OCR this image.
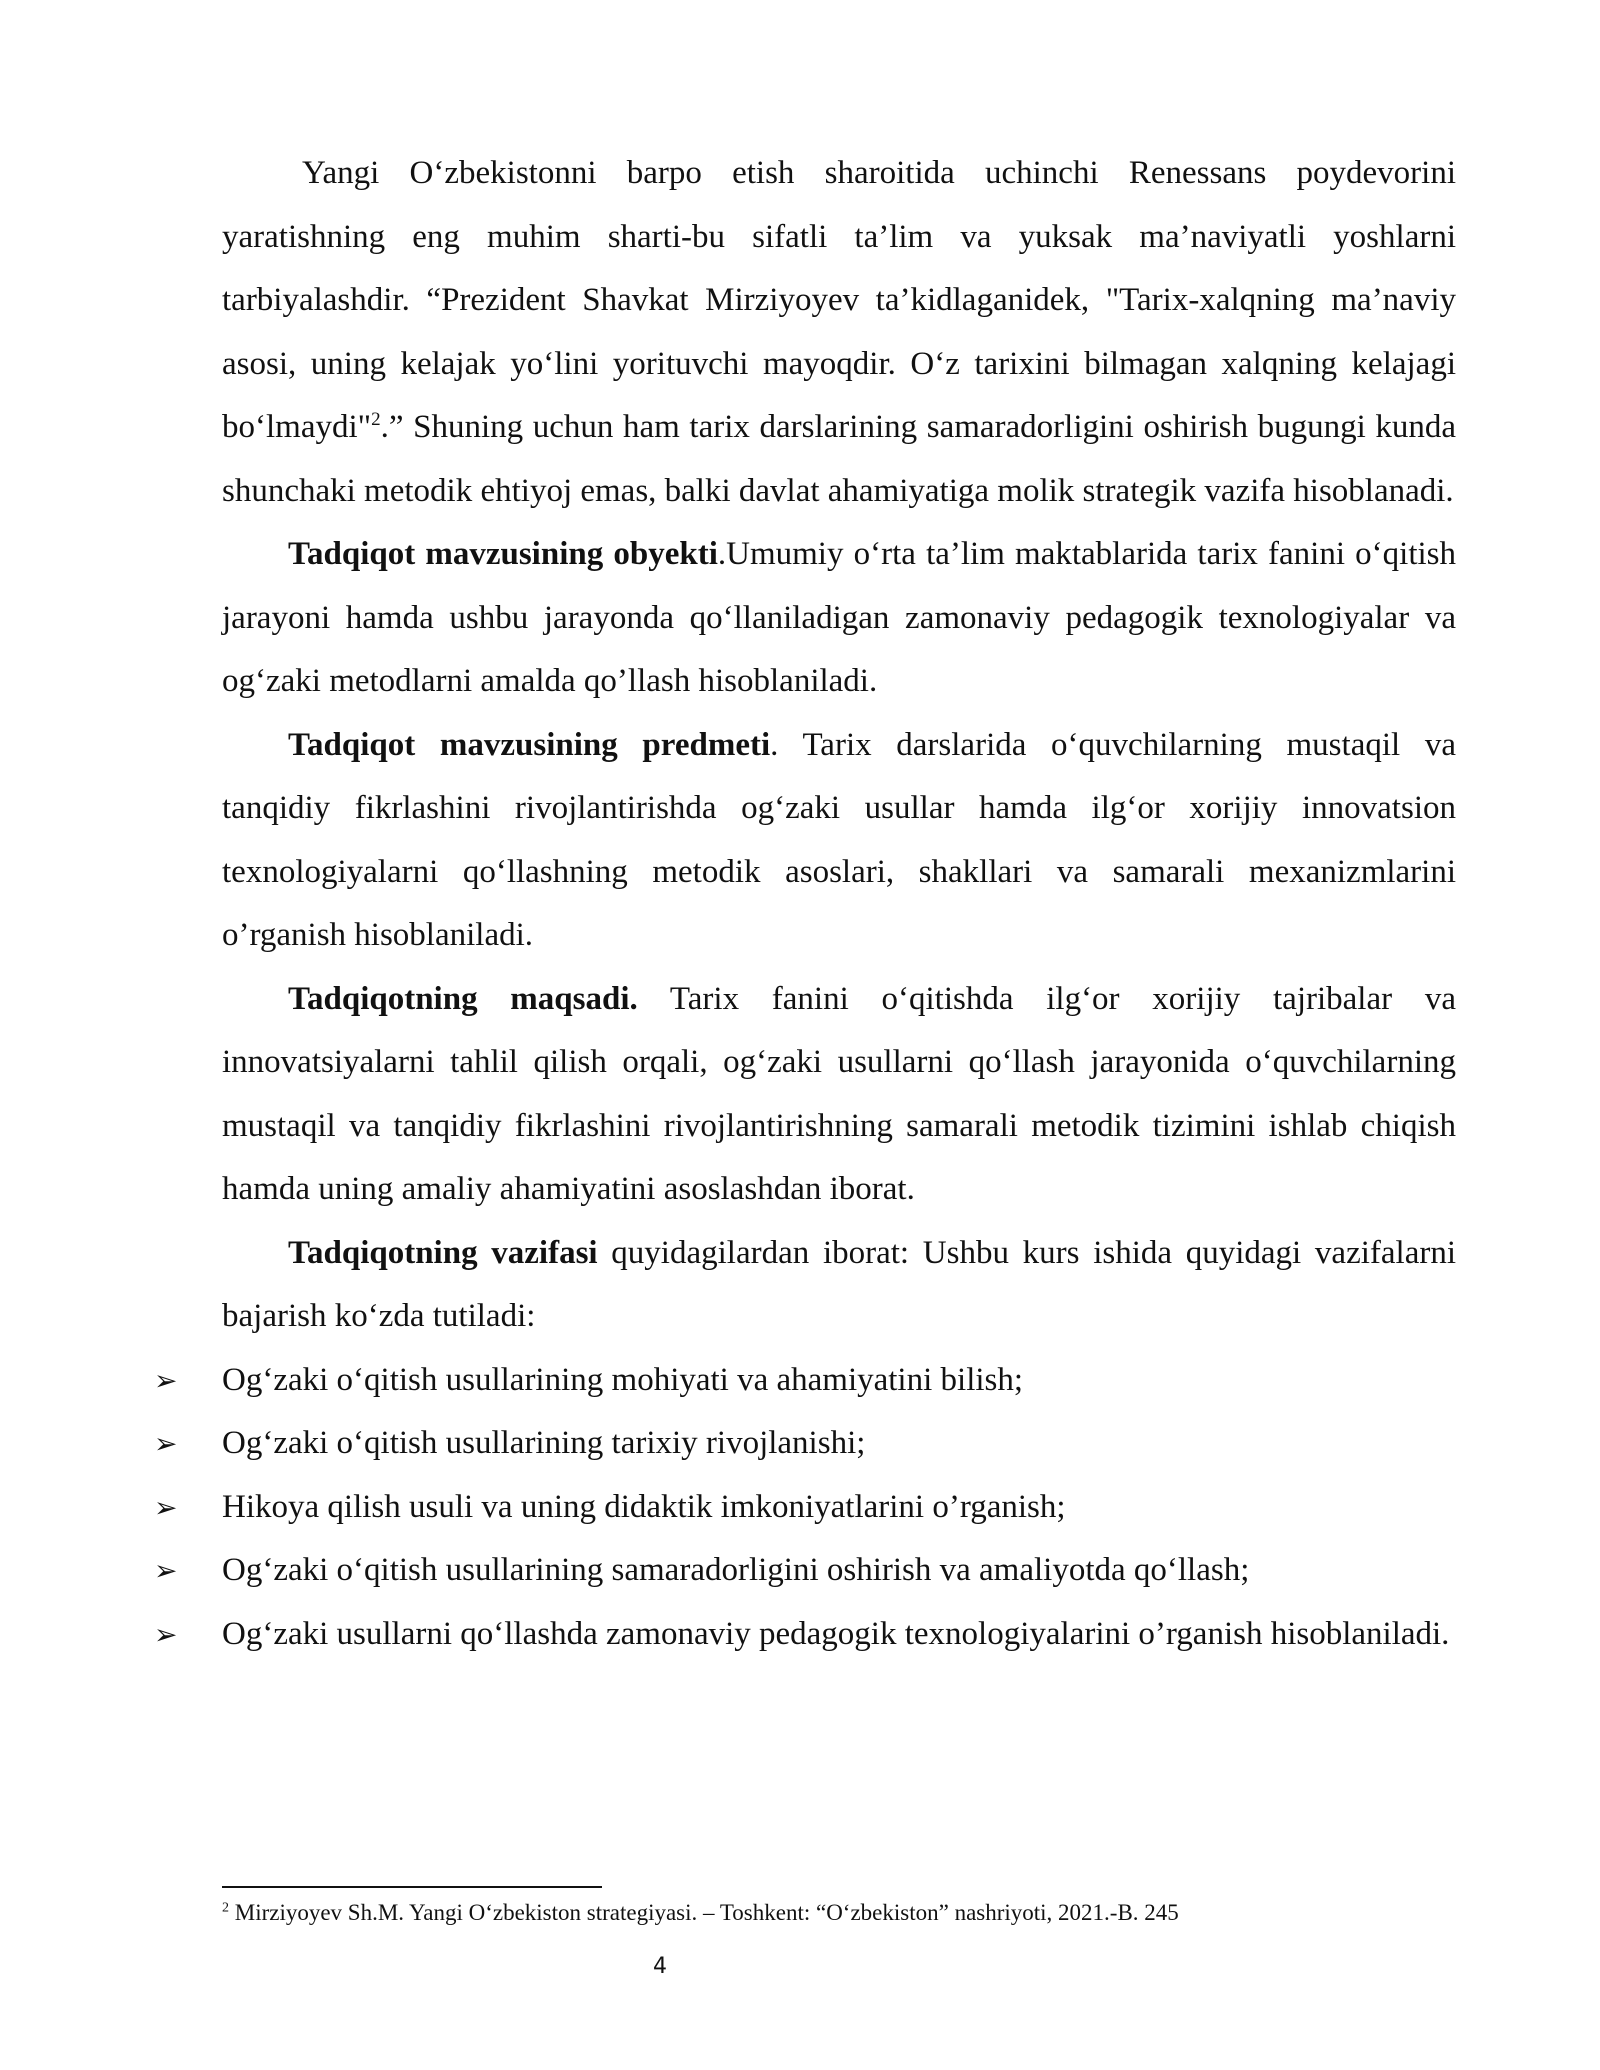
Yangi O‘zbekistonni barpo etish sharoitida uchinchi Renessans poydevorini yaratishning eng muhim sharti-bu sifatli ta’lim va yuksak ma’naviyatli yoshlarni tarbiyalashdir. “Prezident Shavkat Mirziyoyev ta’kidlaganidek, "Tarix-xalqning ma’naviy asosi, uning kelajak yo‘lini yorituvchi mayoqdir. O‘z tarixini bilmagan xalqning kelajagi bo‘lmaydi"$^2$.” Shuning uchun ham tarix darslarining samaradorligini oshirish bugungi kunda shunchaki metodik ehtiyoj emas, balki davlat ahamiyatiga molik strategik vazifa hisoblanadi.

Tadqiqot mavzusining obyekti.Umumiy o‘rta ta’lim maktablarida tarix fanini o‘qitish jarayoni hamda ushbu jarayonda qo‘llaniladigan zamonaviy pedagogik texnologiyalar va og‘zaki metodlarni amalda qo’llash hisoblaniladi.

Tadqiqot mavzusining predmeti. Tarix darslarida o‘quvchilarning mustaqil va tanqidiy fikrlashini rivojlantirishda og‘zaki usullar hamda ilg‘or xorijiy innovatsion texnologiyalarni qo‘llashning metodik asoslari, shakllari va samarali mexanizmlarini o’rganish hisoblaniladi.

Tadqiqotning maqsadi. Tarix fanini o‘qitishda ilg‘or xorijiy tajribalar va innovatsiyalarni tahlil qilish orqali, og‘zaki usullarni qo‘llash jarayonida o‘quvchilarning mustaqil va tanqidiy fikrlashini rivojlantirishning samarali metodik tizimini ishlab chiqish hamda uning amaliy ahamiyatini asoslashdan iborat.

Tadqiqotning vazifasi quyidagilardan iborat: Ushbu kurs ishida quyidagi vazifalarni bajarish ko‘zda tutiladi:

➢	Og‘zaki o‘qitish usullarining mohiyati va ahamiyatini bilish;
➢	Og‘zaki o‘qitish usullarining tarixiy rivojlanishi;
➢	Hikoya qilish usuli va uning didaktik imkoniyatlarini o’rganish;
➢	Og‘zaki o‘qitish usullarining samaradorligini oshirish va amaliyotda qo‘llash;
➢	Og‘zaki usullarni qo‘llashda zamonaviy pedagogik texnologiyalarini o’rganish hisoblaniladi.
$^2$ Mirziyoyev Sh.M. Yangi O‘zbekiston strategiyasi. – Toshkent: “O‘zbekiston” nashriyoti, 2021.-B. 245
4
